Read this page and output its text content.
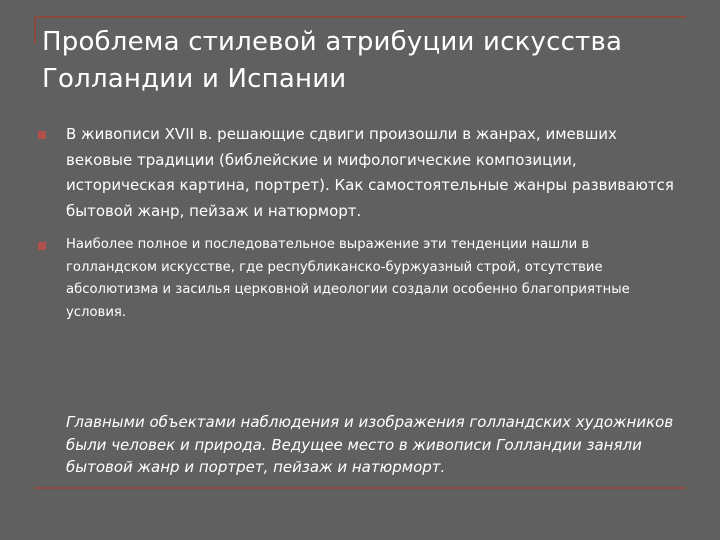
Проблема стилевой атрибуции искусства Голландии и Испании
В живописи XVII в. решающие сдвиги произошли в жанрах, имевших вековые традиции (библейские и мифологические композиции, историческая картина, портрет). Как самостоятельные жанры развиваются бытовой жанр, пейзаж и натюрморт.
Наиболее полное и последовательное выражение эти тенденции нашли в голландском искусстве, где республиканско-буржуазный строй, отсутствие абсолютизма и засилья церковной идеологии создали особенно благоприятные условия.
Главными объектами наблюдения и изображения голландских художников были человек и природа. Ведущее место в живописи Голландии заняли бытовой жанр и портрет, пейзаж и натюрморт.
